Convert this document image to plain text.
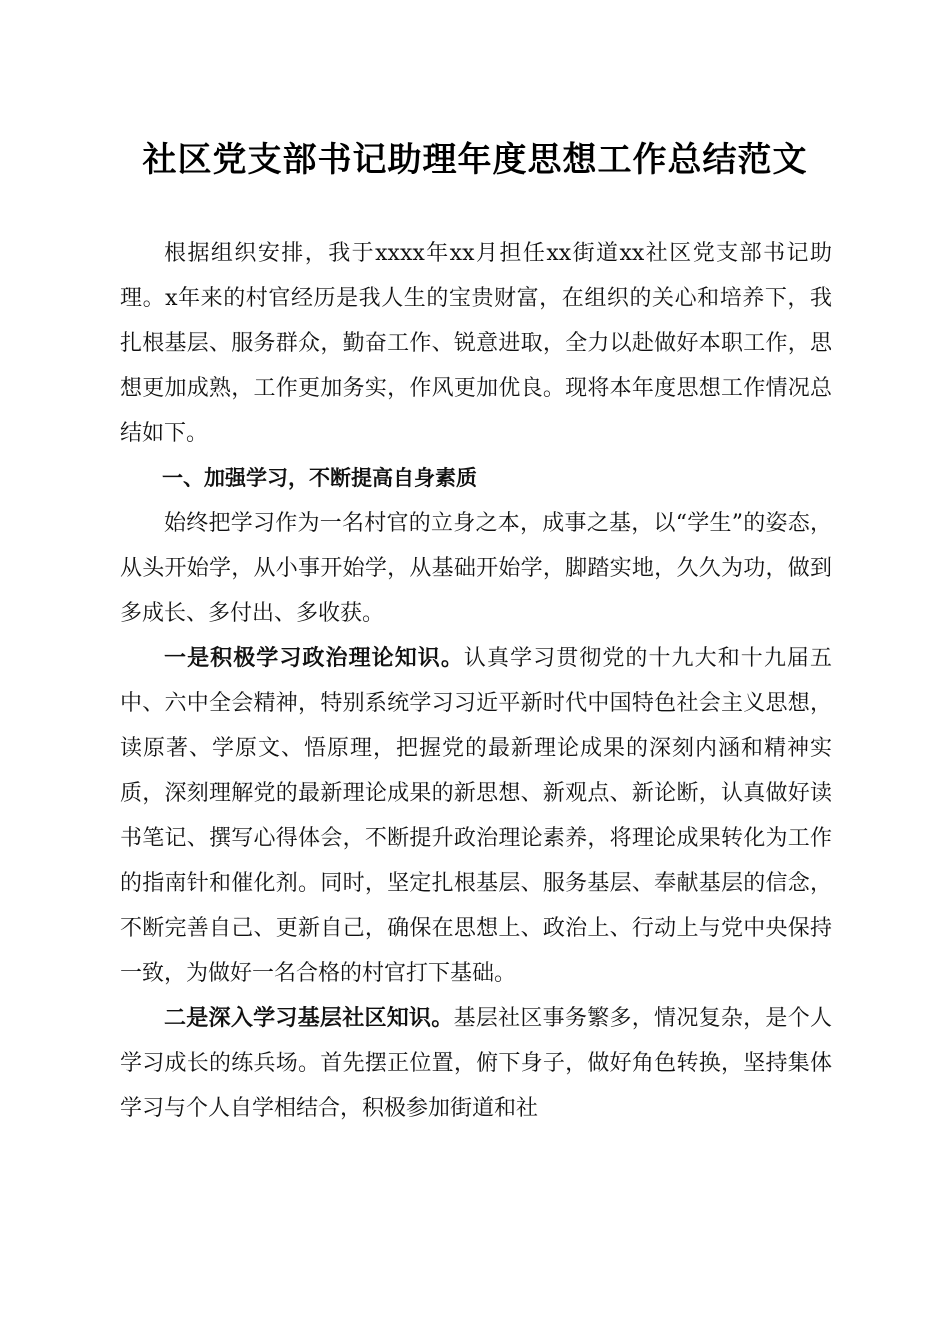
社区党支部书记助理年度思想工作总结范文

根据组织安排，我于xxxx年xx月担任xx街道xx社区党支部书记助理。x年来的村官经历是我人生的宝贵财富，在组织的关心和培养下，我扎根基层、服务群众，勤奋工作、锐意进取，全力以赴做好本职工作，思想更加成熟，工作更加务实，作风更加优良。现将本年度思想工作情况总结如下。

一、加强学习，不断提高自身素质

始终把学习作为一名村官的立身之本，成事之基，以“学生”的姿态，从头开始学，从小事开始学，从基础开始学，脚踏实地，久久为功，做到多成长、多付出、多收获。

一是积极学习政治理论知识。认真学习贯彻党的十九大和十九届五中、六中全会精神，特别系统学习习近平新时代中国特色社会主义思想，读原著、学原文、悟原理，把握党的最新理论成果的深刻内涵和精神实质，深刻理解党的最新理论成果的新思想、新观点、新论断，认真做好读书笔记、撰写心得体会，不断提升政治理论素养，将理论成果转化为工作的指南针和催化剂。同时，坚定扎根基层、服务基层、奉献基层的信念，不断完善自己、更新自己，确保在思想上、政治上、行动上与党中央保持一致，为做好一名合格的村官打下基础。

二是深入学习基层社区知识。基层社区事务繁多，情况复杂，是个人学习成长的练兵场。首先摆正位置，俯下身子，做好角色转换，坚持集体学习与个人自学相结合，积极参加街道和社
